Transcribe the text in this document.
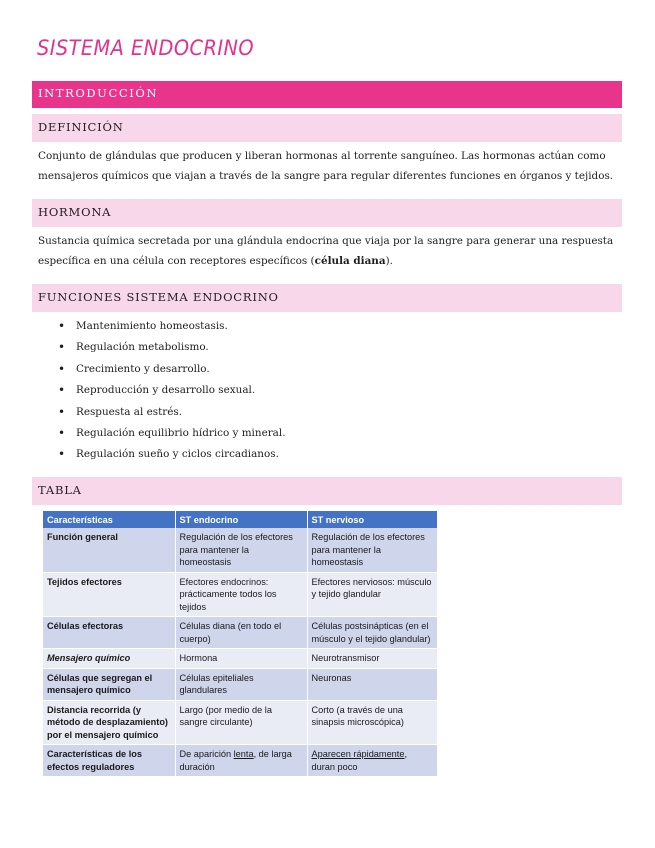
SISTEMA ENDOCRINO
INTRODUCCIÓN
DEFINICIÓN

Conjunto de glándulas que producen y liberan hormonas al torrente sanguíneo. Las hormonas actúan como mensajeros químicos que viajan a través de la sangre para regular diferentes funciones en órganos y tejidos.

HORMONA

Sustancia química secretada por una glándula endocrina que viaja por la sangre para generar una respuesta específica en una célula con receptores específicos (célula diana).

FUNCIONES SISTEMA ENDOCRINO
• Mantenimiento homeostasis.
• Regulación metabolismo.
• Crecimiento y desarrollo.
• Reproducción y desarrollo sexual.
• Respuesta al estrés.
• Regulación equilibrio hídrico y mineral.
• Regulación sueño y ciclos circadianos.
TABLA
Características	ST endocrino	ST nervioso
Función general	Regulación de los efectores para mantener la homeostasis	Regulación de los efectores para mantener la homeostasis
Tejidos efectores	Efectores endocrinos: prácticamente todos los tejidos	Efectores nerviosos: músculo y tejido glandular
Células efectoras	Células diana (en todo el cuerpo)	Células postsinápticas (en el músculo y el tejido glandular)
Mensajero químico	Hormona	Neurotransmisor
Células que segregan el mensajero químico	Células epiteliales glandulares	Neuronas
Distancia recorrida (y método de desplazamiento) por el mensajero químico	Largo (por medio de la sangre circulante)	Corto (a través de una sinapsis microscópica)
Características de los efectos reguladores	De aparición lenta, de larga duración	Aparecen rápidamente, duran poco
